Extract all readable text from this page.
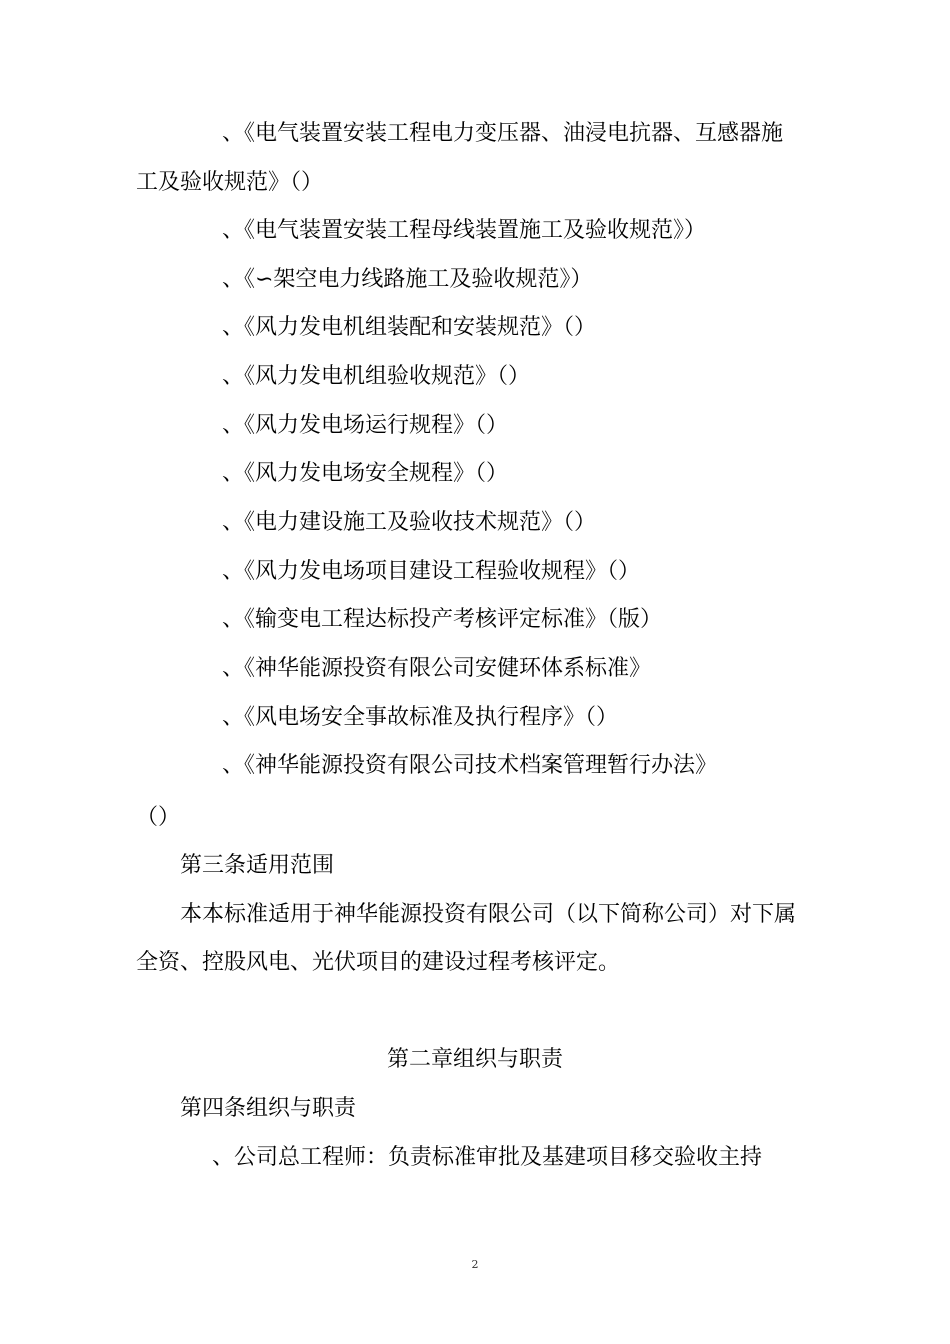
、《电气装置安装工程电力变压器、油浸电抗器、互感器施
工及验收规范》（）
、《电气装置安装工程母线装置施工及验收规范》）
、《∽架空电力线路施工及验收规范》）
、《风力发电机组装配和安装规范》（）
、《风力发电机组验收规范》（）
、《风力发电场运行规程》（）
、《风力发电场安全规程》（）
、《电力建设施工及验收技术规范》（）
、《风力发电场项目建设工程验收规程》（）
、《输变电工程达标投产考核评定标准》（版）
、《神华能源投资有限公司安健环体系标准》
、《风电场安全事故标准及执行程序》（）
、《神华能源投资有限公司技术档案管理暂行办法》
（）
第三条适用范围
本本标准适用于神华能源投资有限公司（以下简称公司）对下属
全资、控股风电、光伏项目的建设过程考核评定。
第二章组织与职责
第四条组织与职责
、公司总工程师：负责标准审批及基建项目移交验收主持
2
